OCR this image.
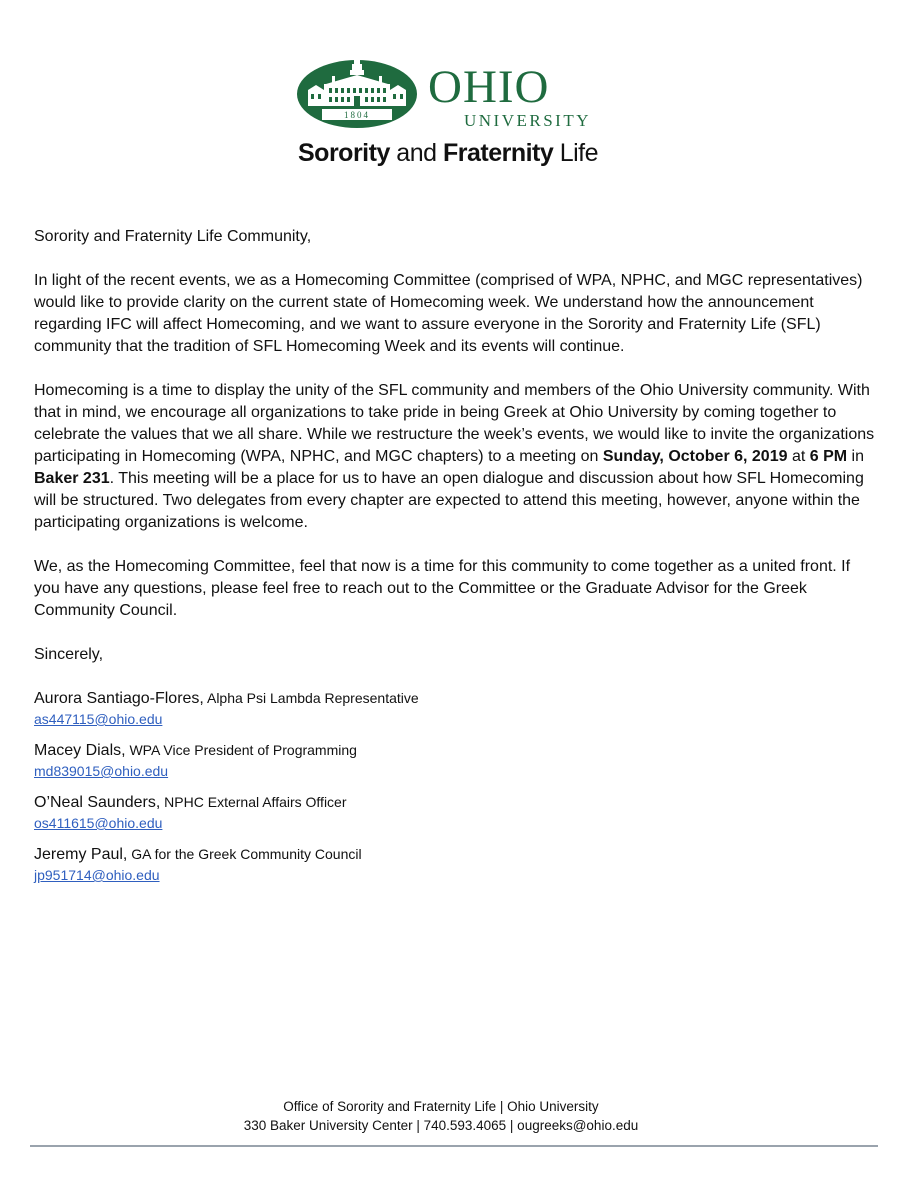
1804
OHIO
UNIVERSITY
Sorority and Fraternity Life

Sorority and Fraternity Life Community,

In light of the recent events, we as a Homecoming Committee (comprised of WPA, NPHC, and MGC representatives) would like to provide clarity on the current state of Homecoming week. We understand how the announcement regarding IFC will affect Homecoming, and we want to assure everyone in the Sorority and Fraternity Life (SFL) community that the tradition of SFL Homecoming Week and its events will continue.

Homecoming is a time to display the unity of the SFL community and members of the Ohio University community. With that in mind, we encourage all organizations to take pride in being Greek at Ohio University by coming together to celebrate the values that we all share. While we restructure the week’s events, we would like to invite the organizations participating in Homecoming (WPA, NPHC, and MGC chapters) to a meeting on Sunday, October 6, 2019 at 6 PM in Baker 231. This meeting will be a place for us to have an open dialogue and discussion about how SFL Homecoming will be structured. Two delegates from every chapter are expected to attend this meeting, however, anyone within the participating organizations is welcome.

We, as the Homecoming Committee, feel that now is a time for this community to come together as a united front. If you have any questions, please feel free to reach out to the Committee or the Graduate Advisor for the Greek Community Council.

Sincerely,

Aurora Santiago-Flores, Alpha Psi Lambda Representative
as447115@ohio.edu
Macey Dials, WPA Vice President of Programming
md839015@ohio.edu
O’Neal Saunders, NPHC External Affairs Officer
os411615@ohio.edu
Jeremy Paul, GA for the Greek Community Council
jp951714@ohio.edu
Office of Sorority and Fraternity Life | Ohio University
330 Baker University Center | 740.593.4065 | ougreeks@ohio.edu
